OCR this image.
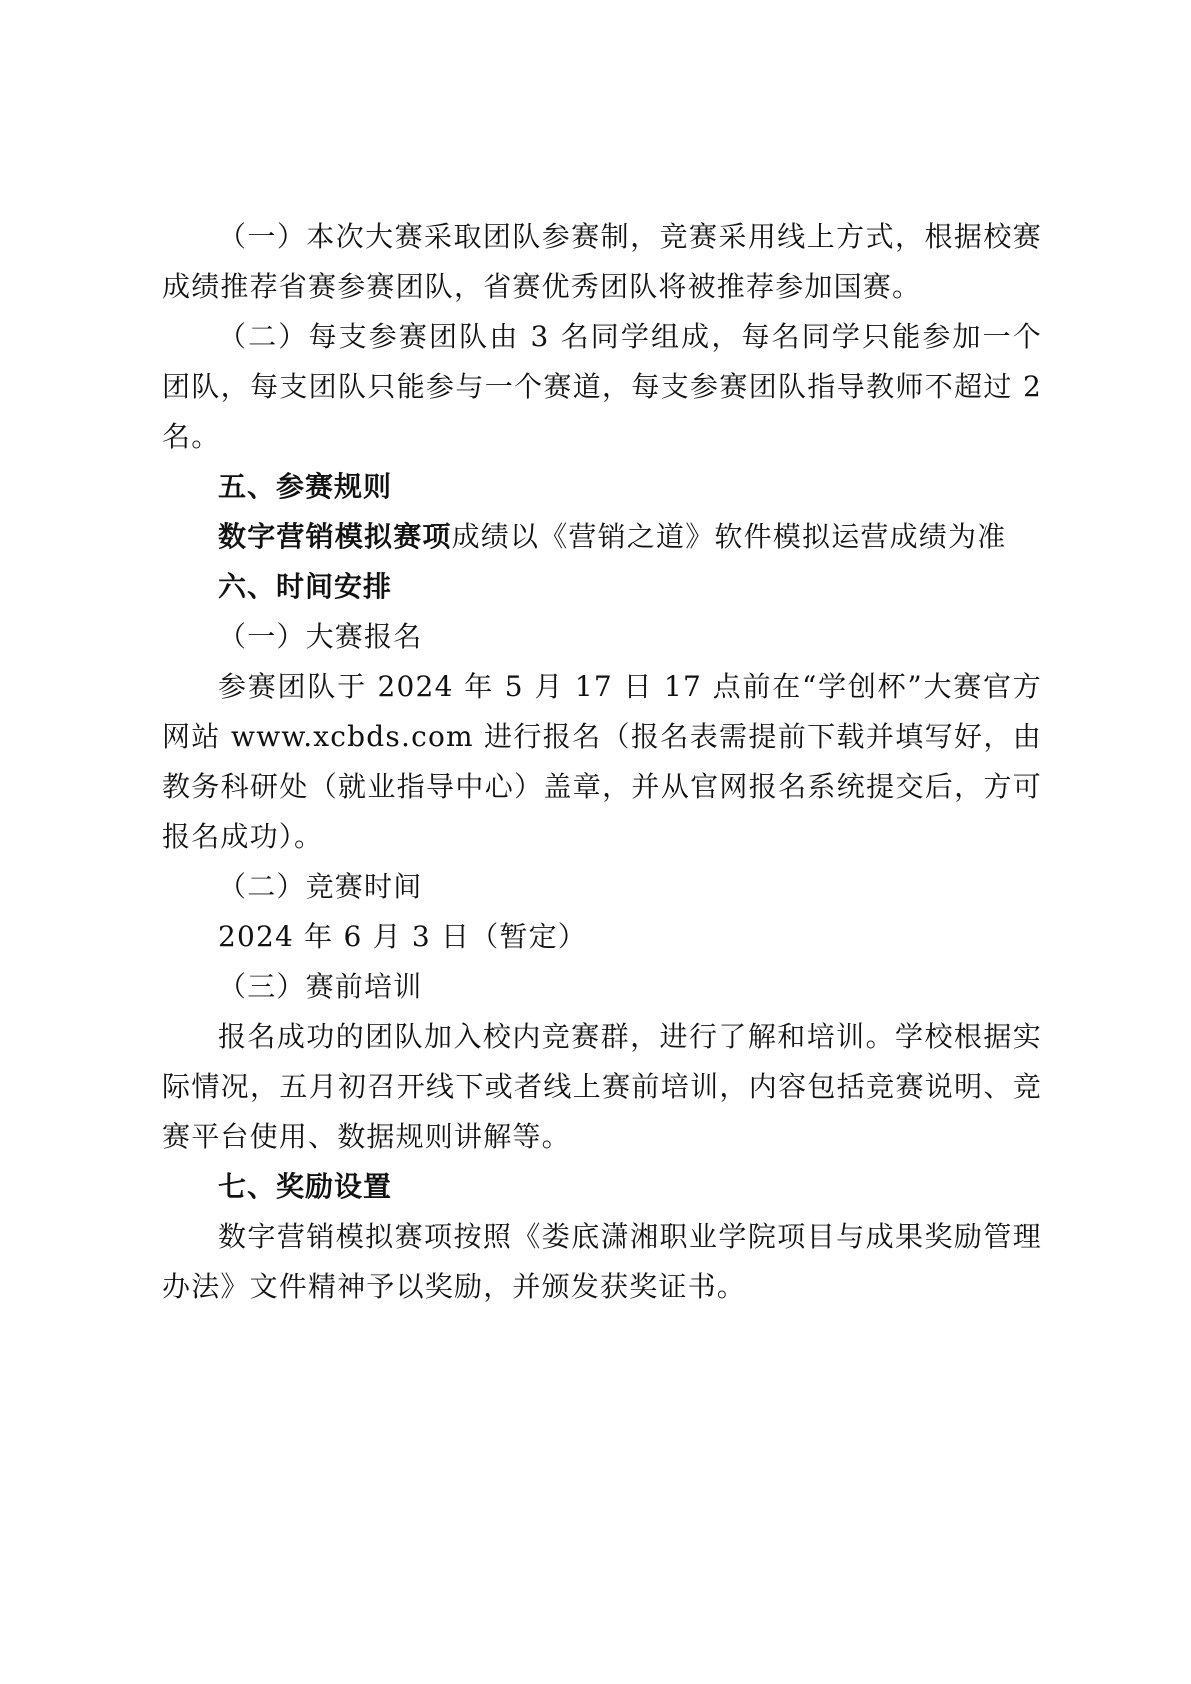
（一）本次大赛采取团队参赛制，竞赛采用线上方式，根据校赛成绩推荐省赛参赛团队，省赛优秀团队将被推荐参加国赛。

（二）每支参赛团队由 3 名同学组成，每名同学只能参加一个团队，每支团队只能参与一个赛道，每支参赛团队指导教师不超过 2 名。

五、参赛规则

数字营销模拟赛项成绩以《营销之道》软件模拟运营成绩为准

六、时间安排

（一）大赛报名

参赛团队于 2024 年 5 月 17 日 17 点前在“学创杯”大赛官方网站 www.xcbds.com 进行报名（报名表需提前下载并填写好，由教务科研处（就业指导中心）盖章，并从官网报名系统提交后，方可报名成功）。

（二）竞赛时间

2024 年 6 月 3 日（暂定）

（三）赛前培训

报名成功的团队加入校内竞赛群，进行了解和培训。学校根据实际情况，五月初召开线下或者线上赛前培训，内容包括竞赛说明、竞赛平台使用、数据规则讲解等。

七、奖励设置

数字营销模拟赛项按照《娄底潇湘职业学院项目与成果奖励管理办法》文件精神予以奖励，并颁发获奖证书。
